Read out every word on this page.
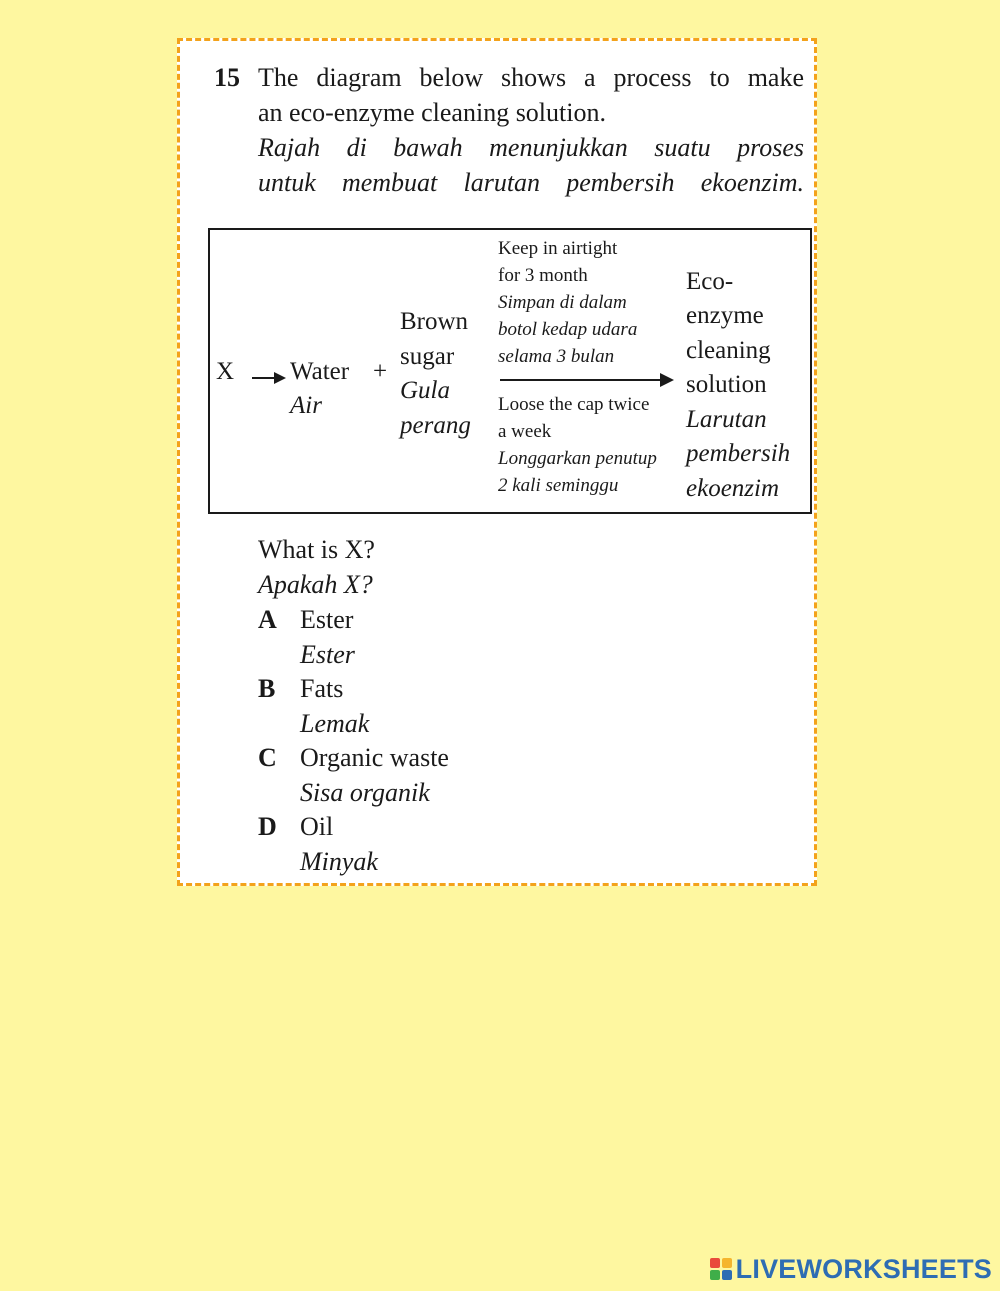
15 The diagram below shows a process to make
an eco-enzyme cleaning solution.
Rajah di bawah menunjukkan suatu proses
untuk membuat larutan pembersih ekoenzim.
X Water
Air
+
Brown
sugar
Gula
perang
Keep in airtight
for 3 month
Simpan di dalam
botol kedap udara
selama 3 bulan
Loose the cap twice
a week
Longgarkan penutup
2 kali seminggu
Eco-
enzyme
cleaning
solution
Larutan
pembersih
ekoenzim
What is X?
Apakah X?
A Ester
Ester
B Fats
Lemak
C Organic waste
Sisa organik
D Oil
Minyak
LIVEWORKSHEETS
